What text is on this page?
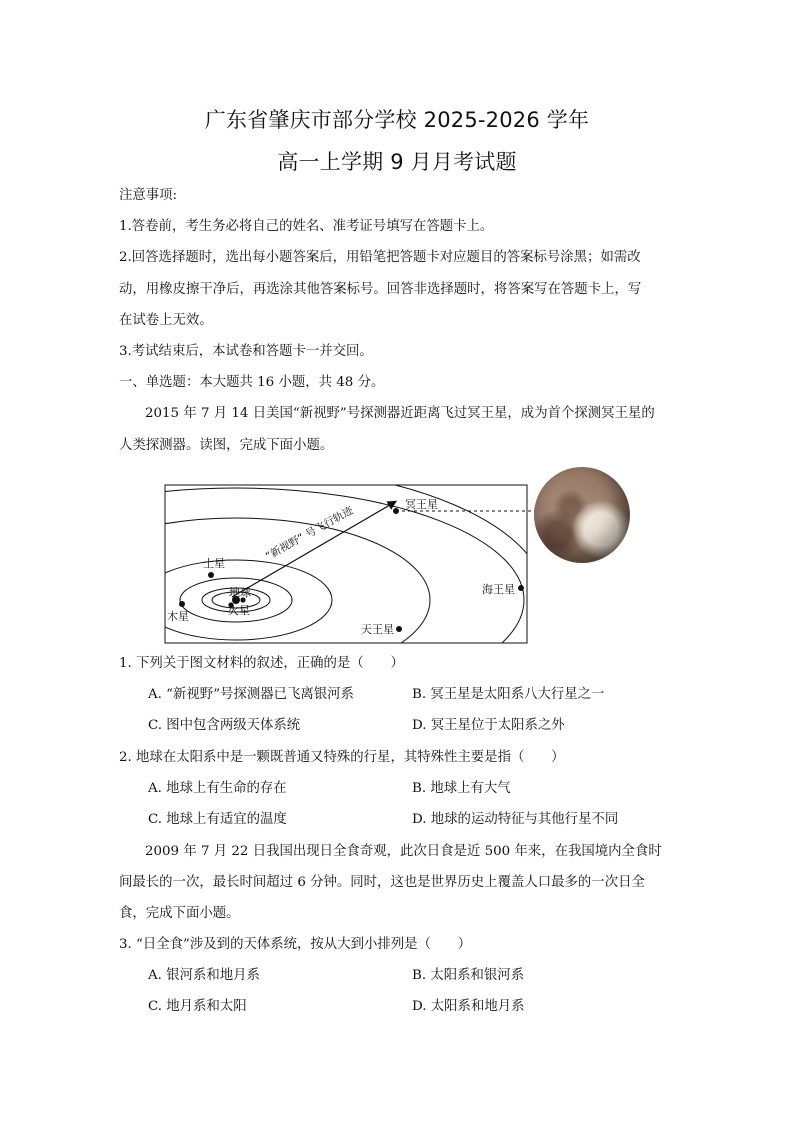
广东省肇庆市部分学校 2025-2026 学年
高一上学期 9 月月考试题

注意事项:

1.答卷前，考生务必将自己的姓名、准考证号填写在答题卡上。

2.回答选择题时，选出每小题答案后，用铅笔把答题卡对应题目的答案标号涂黑；如需改

动，用橡皮擦干净后，再选涂其他答案标号。回答非选择题时，将答案写在答题卡上，写

在试卷上无效。

3.考试结束后，本试卷和答题卡一并交回。

一、单选题：本大题共 16 小题，共 48 分。

2015 年 7 月 14 日美国“新视野”号探测器近距离飞过冥王星，成为首个探测冥王星的

人类探测器。读图，完成下面小题。

冥王星
土星
地球
火星
木星
天王星
海王星
“新视野” 号飞行轨迹

1. 下列关于图文材料的叙述，正确的是（　　）

A. “新视野”号探测器已飞离银河系	B. 冥王星是太阳系八大行星之一
C. 图中包含两级天体系统	D. 冥王星位于太阳系之外

2. 地球在太阳系中是一颗既普通又特殊的行星，其特殊性主要是指（　　）

A. 地球上有生命的存在	B. 地球上有大气
C. 地球上有适宜的温度	D. 地球的运动特征与其他行星不同

2009 年 7 月 22 日我国出现日全食奇观，此次日食是近 500 年来，在我国境内全食时

间最长的一次，最长时间超过 6 分钟。同时，这也是世界历史上覆盖人口最多的一次日全

食，完成下面小题。

3. “日全食”涉及到的天体系统，按从大到小排列是（　　）

A. 银河系和地月系	B. 太阳系和银河系
C. 地月系和太阳	D. 太阳系和地月系
